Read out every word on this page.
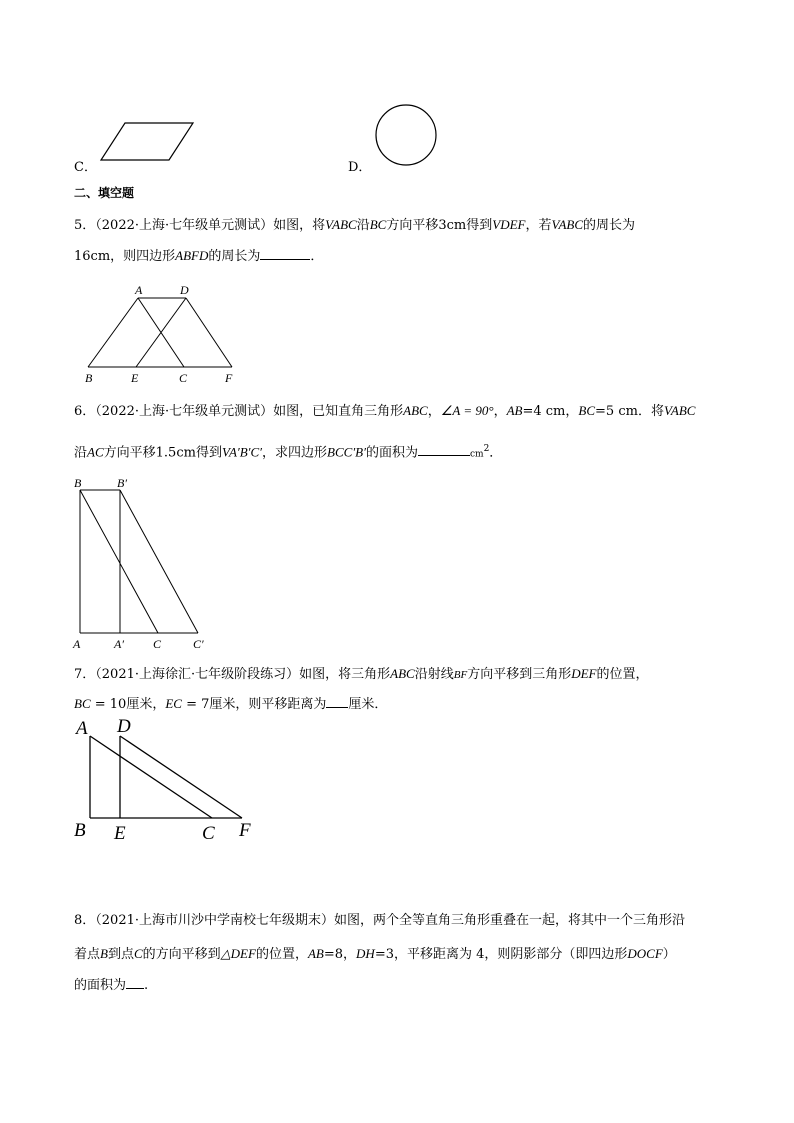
C．	D．
二、填空题
5．（2022·上海·七年级单元测试）如图，将VABC沿BC方向平移3cm得到VDEF，若VABC的周长为
16cm，则四边形ABFD的周长为	．
A	D
B	E	C	F
6．（2022·上海·七年级单元测试）如图，已知直角三角形ABC，∠A = 90°，AB=4 cm，BC=5 cm．将VABC
沿AC方向平移1.5cm得到VA′B′C′，求四边形BCC′B′的面积为	$cm^2$．
B	B′
A	A′ C	C′
7．（2021·上海徐汇·七年级阶段练习）如图，将三角形ABC沿射线BF方向平移到三角形DEF的位置，
BC = 10厘米，EC = 7厘米，则平移距离为 厘米．
A D
B E	C F
8．（2021·上海市川沙中学南校七年级期末）如图，两个全等直角三角形重叠在一起，将其中一个三角形沿
着点B到点C的方向平移到△DEF的位置，AB=8，DH=3，平移距离为 4，则阴影部分（即四边形DOCF）
的面积为 .
